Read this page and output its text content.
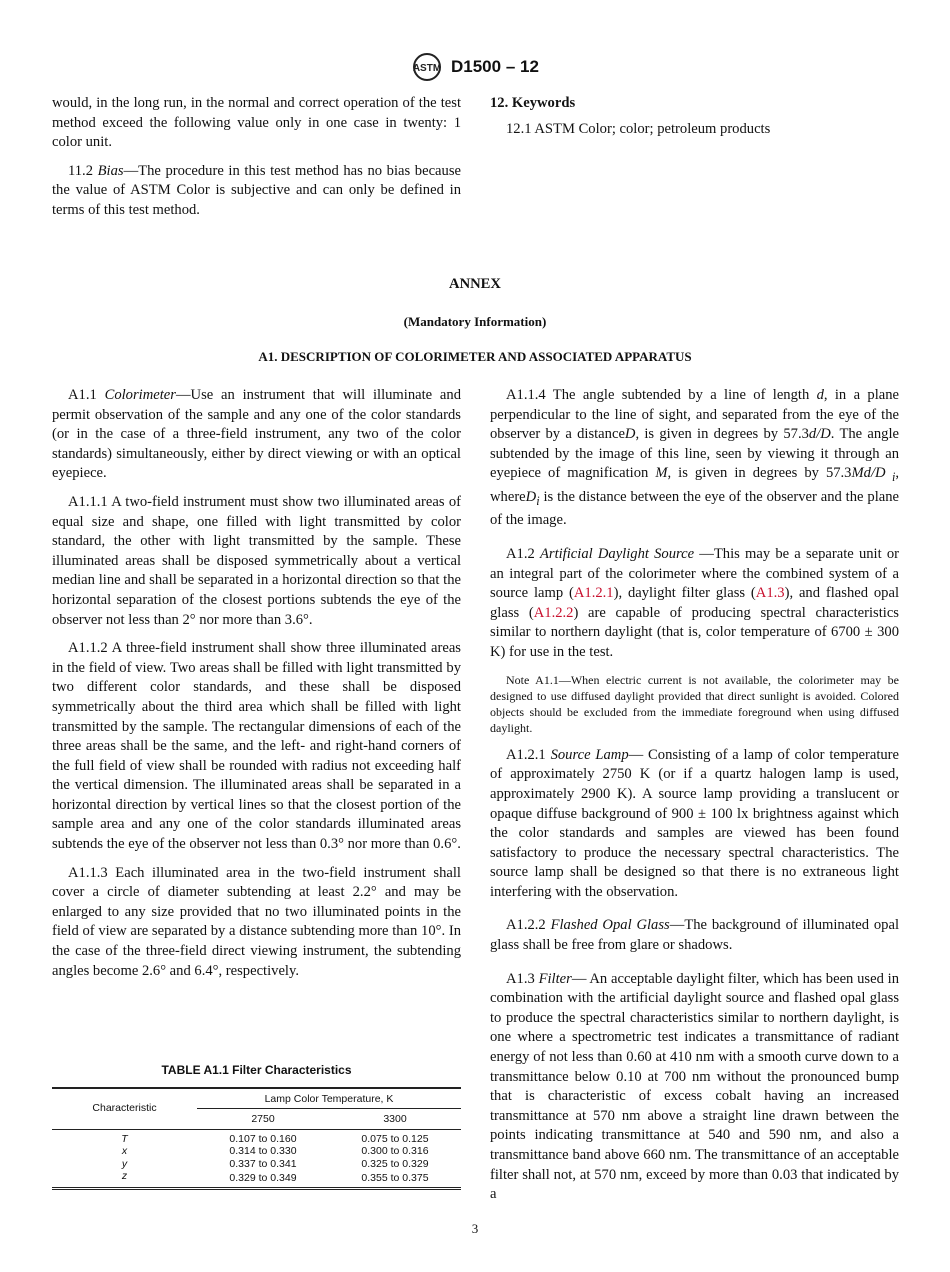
ASTM D1500 – 12

would, in the long run, in the normal and correct operation of the test method exceed the following value only in one case in twenty: 1 color unit.

11.2 Bias—The procedure in this test method has no bias because the value of ASTM Color is subjective and can only be defined in terms of this test method.

12. Keywords

12.1 ASTM Color; color; petroleum products

ANNEX
(Mandatory Information)
A1. DESCRIPTION OF COLORIMETER AND ASSOCIATED APPARATUS

A1.1 Colorimeter—Use an instrument that will illuminate and permit observation of the sample and any one of the color standards (or in the case of a three-field instrument, any two of the color standards) simultaneously, either by direct viewing or with an optical eyepiece.

A1.1.1 A two-field instrument must show two illuminated areas of equal size and shape, one filled with light transmitted by color standard, the other with light transmitted by the sample. These illuminated areas shall be disposed symmetrically about a vertical median line and shall be separated in a horizontal direction so that the horizontal separation of the closest portions subtends the eye of the observer not less than 2° nor more than 3.6°.

A1.1.2 A three-field instrument shall show three illuminated areas in the field of view. Two areas shall be filled with light transmitted by two different color standards, and these shall be disposed symmetrically about the third area which shall be filled with light transmitted by the sample. The rectangular dimensions of each of the three areas shall be the same, and the left- and right-hand corners of the full field of view shall be rounded with radius not exceeding half the vertical dimension. The illuminated areas shall be separated in a horizontal direction by vertical lines so that the closest portion of the sample area and any one of the color standards illuminated areas subtends the eye of the observer not less than 0.3° nor more than 0.6°.

A1.1.3 Each illuminated area in the two-field instrument shall cover a circle of diameter subtending at least 2.2° and may be enlarged to any size provided that no two illuminated points in the field of view are separated by a distance subtending more than 10°. In the case of the three-field direct viewing instrument, the subtending angles become 2.6° and 6.4°, respectively.

TABLE A1.1 Filter Characteristics
Characteristic	Lamp Color Temperature, K	
	2750	3300
T	0.107 to 0.160	0.075 to 0.125
x	0.314 to 0.330	0.300 to 0.316
y	0.337 to 0.341	0.325 to 0.329
z	0.329 to 0.349	0.355 to 0.375

A1.1.4 The angle subtended by a line of length d, in a plane perpendicular to the line of sight, and separated from the eye of the observer by a distanceD, is given in degrees by 57.3d/D. The angle subtended by the image of this line, seen by viewing it through an eyepiece of magnification M, is given in degrees by 57.3Md/D $_i$, whereD$_i$ is the distance between the eye of the observer and the plane of the image.

A1.2 Artificial Daylight Source —This may be a separate unit or an integral part of the colorimeter where the combined system of a source lamp (A1.2.1), daylight filter glass (A1.3), and flashed opal glass (A1.2.2) are capable of producing spectral characteristics similar to northern daylight (that is, color temperature of 6700 ± 300 K) for use in the test.

Note A1.1—When electric current is not available, the colorimeter may be designed to use diffused daylight provided that direct sunlight is avoided. Colored objects should be excluded from the immediate foreground when using diffused daylight.

A1.2.1 Source Lamp— Consisting of a lamp of color temperature of approximately 2750 K (or if a quartz halogen lamp is used, approximately 2900 K). A source lamp providing a translucent or opaque diffuse background of 900 ± 100 lx brightness against which the color standards and samples are viewed has been found satisfactory to produce the necessary spectral characteristics. The source lamp shall be designed so that there is no extraneous light interfering with the observation.

A1.2.2 Flashed Opal Glass—The background of illuminated opal glass shall be free from glare or shadows.

A1.3 Filter— An acceptable daylight filter, which has been used in combination with the artificial daylight source and flashed opal glass to produce the spectral characteristics similar to northern daylight, is one where a spectrometric test indicates a transmittance of radiant energy of not less than 0.60 at 410 nm with a smooth curve down to a transmittance below 0.10 at 700 nm without the pronounced bump that is characteristic of excess cobalt having an increased transmittance at 570 nm above a straight line drawn between the points indicating transmittance at 540 and 590 nm, and also a transmittance band above 660 nm. The transmittance of an acceptable filter shall not, at 570 nm, exceed by more than 0.03 that indicated by a

3
